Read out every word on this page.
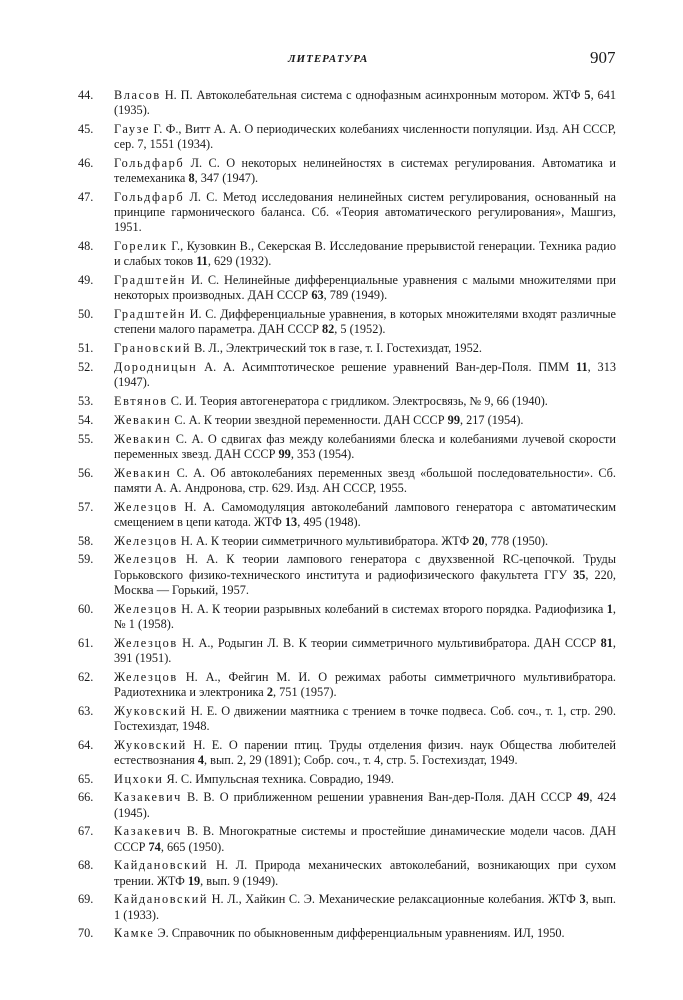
ЛИТЕРАТУРА	907
44. Власов Н. П. Автоколебательная система с однофазным асинхронным мотором. ЖТФ 5, 641 (1935).
45. Гаузе Г. Ф., Витт А. А. О периодических колебаниях численности популяции. Изд. АН СССР, сер. 7, 1551 (1934).
46. Гольдфарб Л. С. О некоторых нелинейностях в системах регулирования. Автоматика и телемеханика 8, 347 (1947).
47. Гольдфарб Л. С. Метод исследования нелинейных систем регулирования, основанный на принципе гармонического баланса. Сб. «Теория автоматического регулирования», Машгиз, 1951.
48. Горелик Г., Кузовкин В., Секерская В. Исследование прерывистой генерации. Техника радио и слабых токов 11, 629 (1932).
49. Градштейн И. С. Нелинейные дифференциальные уравнения с малыми множителями при некоторых производных. ДАН СССР 63, 789 (1949).
50. Градштейн И. С. Дифференциальные уравнения, в которых множителями входят различные степени малого параметра. ДАН СССР 82, 5 (1952).
51. Грановский В. Л., Электрический ток в газе, т. I. Гостехиздат, 1952.
52. Дородницын А. А. Асимптотическое решение уравнений Ван-дер-Поля. ПММ 11, 313 (1947).
53. Евтянов С. И. Теория автогенератора с гридликом. Электросвязь, № 9, 66 (1940).
54. Жевакин С. А. К теории звездной переменности. ДАН СССР 99, 217 (1954).
55. Жевакин С. А. О сдвигах фаз между колебаниями блеска и колебаниями лучевой скорости переменных звезд. ДАН СССР 99, 353 (1954).
56. Жевакин С. А. Об автоколебаниях переменных звезд «большой последовательности». Сб. памяти А. А. Андронова, стр. 629. Изд. АН СССР, 1955.
57. Железцов Н. А. Самомодуляция автоколебаний лампового генератора с автоматическим смещением в цепи катода. ЖТФ 13, 495 (1948).
58. Железцов Н. А. К теории симметричного мультивибратора. ЖТФ 20, 778 (1950).
59. Железцов Н. А. К теории лампового генератора с двухзвенной RC-цепочкой. Труды Горьковского физико-технического института и радиофизического факультета ГГУ 35, 220, Москва — Горький, 1957.
60. Железцов Н. А. К теории разрывных колебаний в системах второго порядка. Радиофизика 1, № 1 (1958).
61. Железцов Н. А., Родыгин Л. В. К теории симметричного мультивибратора. ДАН СССР 81, 391 (1951).
62. Железцов Н. А., Фейгин М. И. О режимах работы симметричного мультивибратора. Радиотехника и электроника 2, 751 (1957).
63. Жуковский Н. Е. О движении маятника с трением в точке подвеса. Соб. соч., т. 1, стр. 290. Гостехиздат, 1948.
64. Жуковский Н. Е. О парении птиц. Труды отделения физич. наук Общества любителей естествознания 4, вып. 2, 29 (1891); Собр. соч., т. 4, стр. 5. Гостехиздат, 1949.
65. Ицхоки Я. С. Импульсная техника. Соврадио, 1949.
66. Казакевич В. В. О приближенном решении уравнения Ван-дер-Поля. ДАН СССР 49, 424 (1945).
67. Казакевич В. В. Многократные системы и простейшие динамические модели часов. ДАН СССР 74, 665 (1950).
68. Кайдановский Н. Л. Природа механических автоколебаний, возникающих при сухом трении. ЖТФ 19, вып. 9 (1949).
69. Кайдановский Н. Л., Хайкин С. Э. Механические релаксационные колебания. ЖТФ 3, вып. 1 (1933).
70. Камке Э. Справочник по обыкновенным дифференциальным уравнениям. ИЛ, 1950.
